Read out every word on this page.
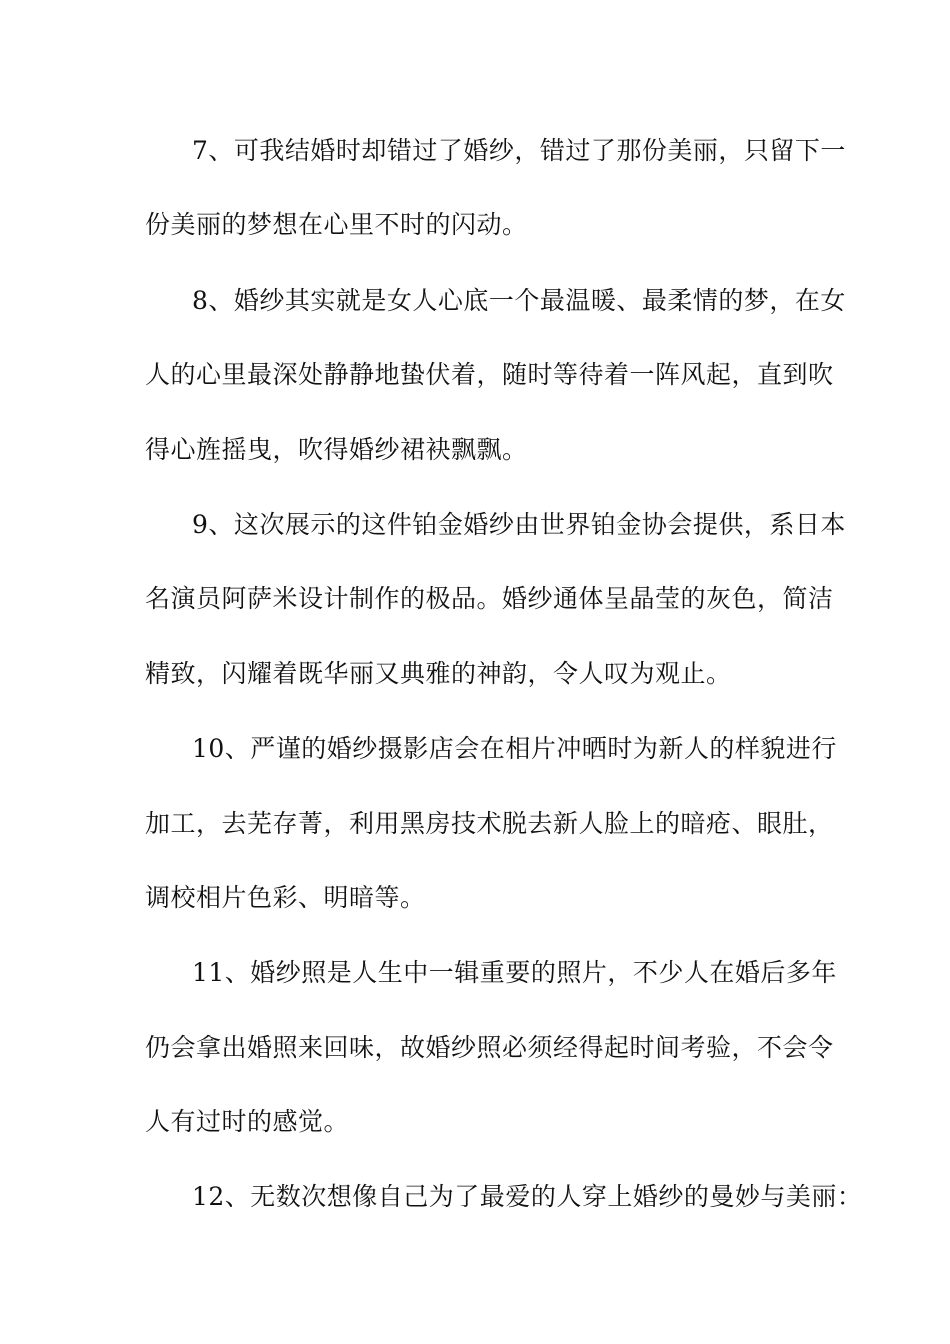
7、可我结婚时却错过了婚纱，错过了那份美丽，只留下一
份美丽的梦想在心里不时的闪动。
8、婚纱其实就是女人心底一个最温暖、最柔情的梦，在女
人的心里最深处静静地蛰伏着，随时等待着一阵风起，直到吹
得心旌摇曳，吹得婚纱裙袂飘飘。
9、这次展示的这件铂金婚纱由世界铂金协会提供，系日本
名演员阿萨米设计制作的极品。婚纱通体呈晶莹的灰色，简洁
精致，闪耀着既华丽又典雅的神韵，令人叹为观止。
10、严谨的婚纱摄影店会在相片冲晒时为新人的样貌进行
加工，去芜存菁，利用黑房技术脱去新人脸上的暗疮、眼肚，
调校相片色彩、明暗等。
11、婚纱照是人生中一辑重要的照片，不少人在婚后多年
仍会拿出婚照来回味，故婚纱照必须经得起时间考验，不会令
人有过时的感觉。
12、无数次想像自己为了最爱的人穿上婚纱的曼妙与美丽：
